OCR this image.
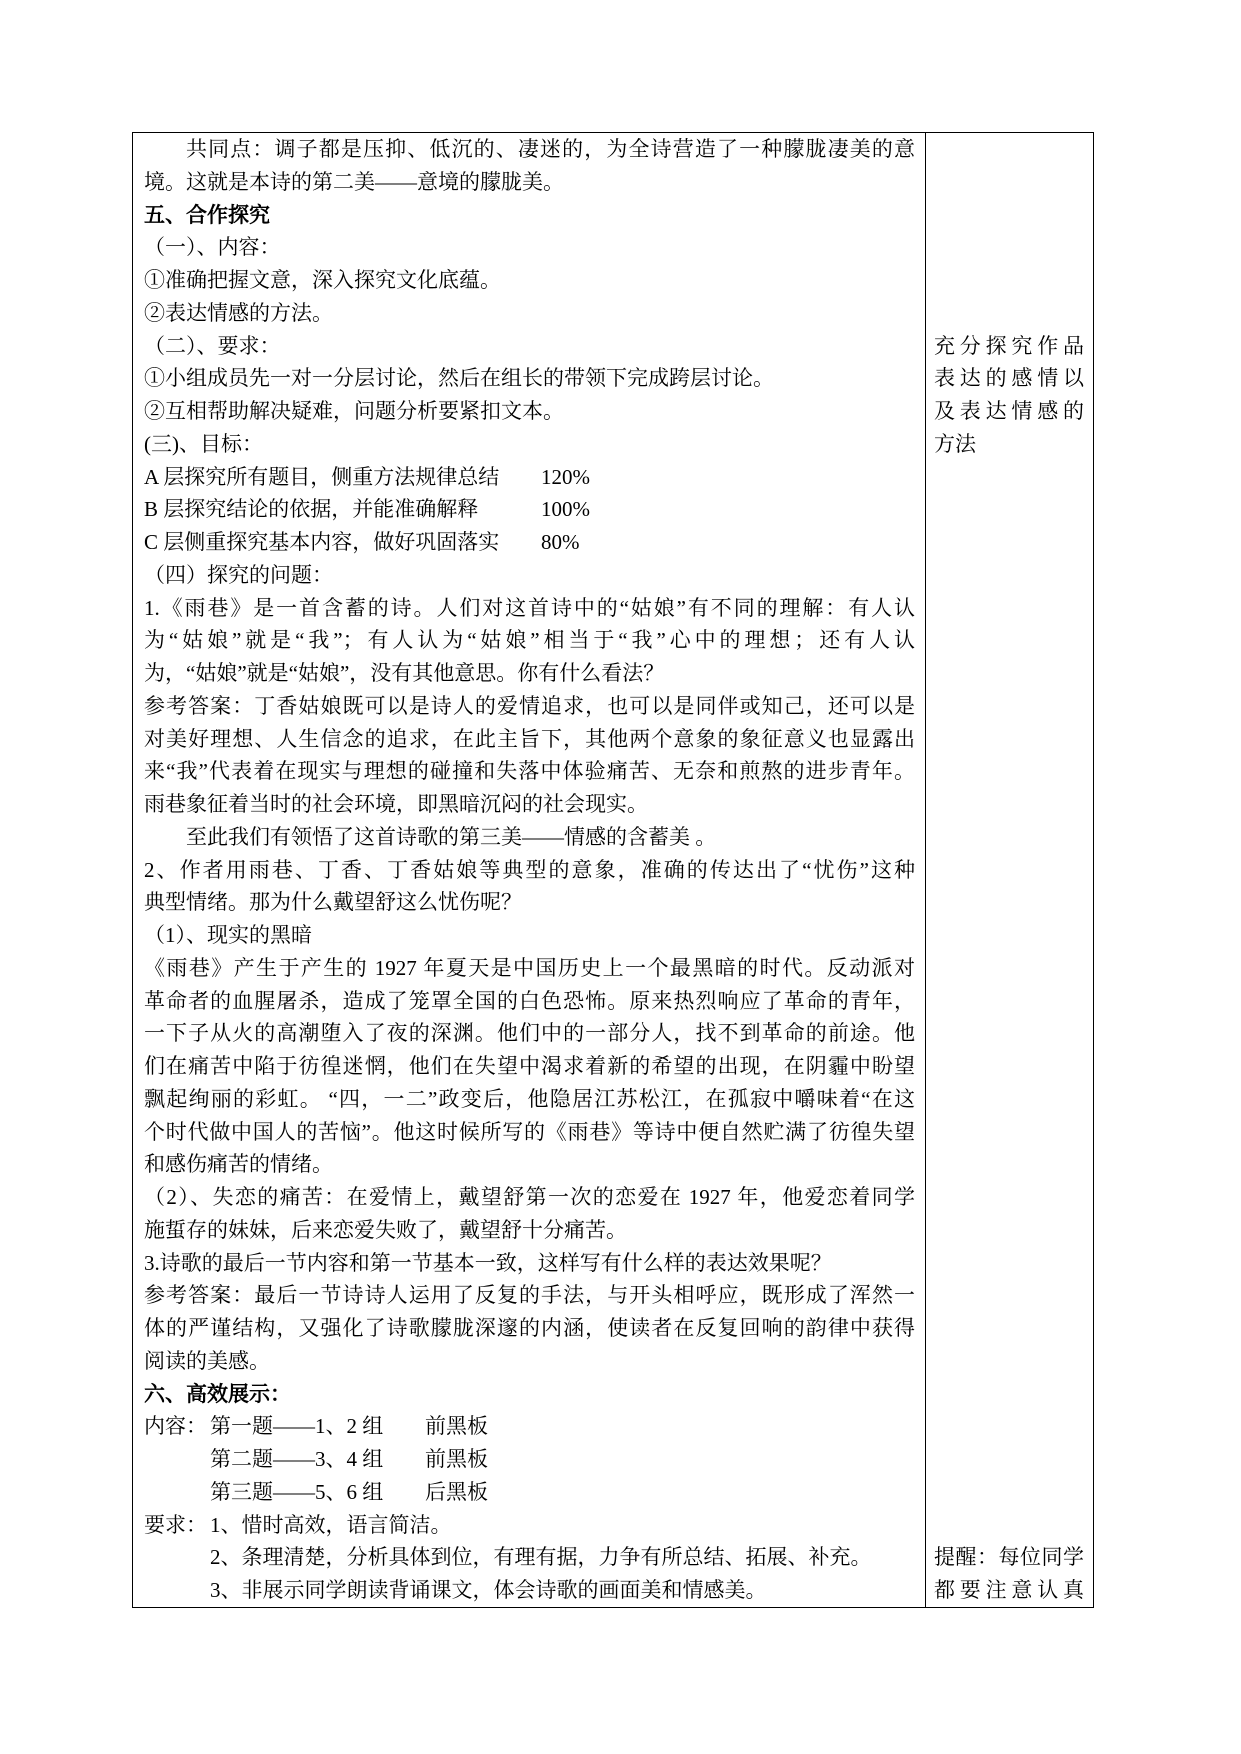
共同点：调子都是压抑、低沉的、凄迷的，为全诗营造了一种朦胧凄美的意
境。这就是本诗的第二美——意境的朦胧美。
五、合作探究
（一）、内容：
①准确把握文意，深入探究文化底蕴。
②表达情感的方法。
（二）、要求：
①小组成员先一对一分层讨论，然后在组长的带领下完成跨层讨论。
②互相帮助解决疑难，问题分析要紧扣文本。
(三)、目标：
A 层探究所有题目，侧重方法规律总结 120%
B 层探究结论的依据，并能准确解释	100%
C 层侧重探究基本内容，做好巩固落实 80%
（四）探究的问题：
1.《雨巷》是一首含蓄的诗。人们对这首诗中的“姑娘”有不同的理解：有人认
为“姑娘”就是“我”；有人认为“姑娘”相当于“我”心中的理想；还有人认
为，“姑娘”就是“姑娘”，没有其他意思。你有什么看法？
参考答案：丁香姑娘既可以是诗人的爱情追求，也可以是同伴或知己，还可以是
对美好理想、人生信念的追求，在此主旨下，其他两个意象的象征意义也显露出
来“我”代表着在现实与理想的碰撞和失落中体验痛苦、无奈和煎熬的进步青年。
雨巷象征着当时的社会环境，即黑暗沉闷的社会现实。
至此我们有领悟了这首诗歌的第三美——情感的含蓄美 。
2、作者用雨巷、丁香、丁香姑娘等典型的意象，准确的传达出了“忧伤”这种
典型情绪。那为什么戴望舒这么忧伤呢？
（1）、现实的黑暗
《雨巷》产生于产生的 1927 年夏天是中国历史上一个最黑暗的时代。反动派对
革命者的血腥屠杀，造成了笼罩全国的白色恐怖。原来热烈响应了革命的青年，
一下子从火的高潮堕入了夜的深渊。他们中的一部分人，找不到革命的前途。他
们在痛苦中陷于彷徨迷惘，他们在失望中渴求着新的希望的出现，在阴霾中盼望
飘起绚丽的彩虹。 “四，一二”政变后，他隐居江苏松江，在孤寂中嚼味着“在这
个时代做中国人的苦恼”。他这时候所写的《雨巷》等诗中便自然贮满了彷徨失望
和感伤痛苦的情绪。
（2）、失恋的痛苦：在爱情上，戴望舒第一次的恋爱在 1927 年，他爱恋着同学
施蜇存的妹妹，后来恋爱失败了，戴望舒十分痛苦。
3.诗歌的最后一节内容和第一节基本一致，这样写有什么样的表达效果呢？
参考答案：最后一节诗诗人运用了反复的手法，与开头相呼应，既形成了浑然一
体的严谨结构，又强化了诗歌朦胧深邃的内涵，使读者在反复回响的韵律中获得
阅读的美感。
六、高效展示：
内容： 第一题——1、2 组 前黑板
第二题——3、4 组 前黑板
第三题——5、6 组 后黑板
要求： 1、惜时高效，语言简洁。
2、条理清楚，分析具体到位，有理有据，力争有所总结、拓展、补充。
3、非展示同学朗读背诵课文，体会诗歌的画面美和情感美。
充分探究作品
表达的感情以
及表达情感的
方法
提醒：每位同学
都要注意认真
